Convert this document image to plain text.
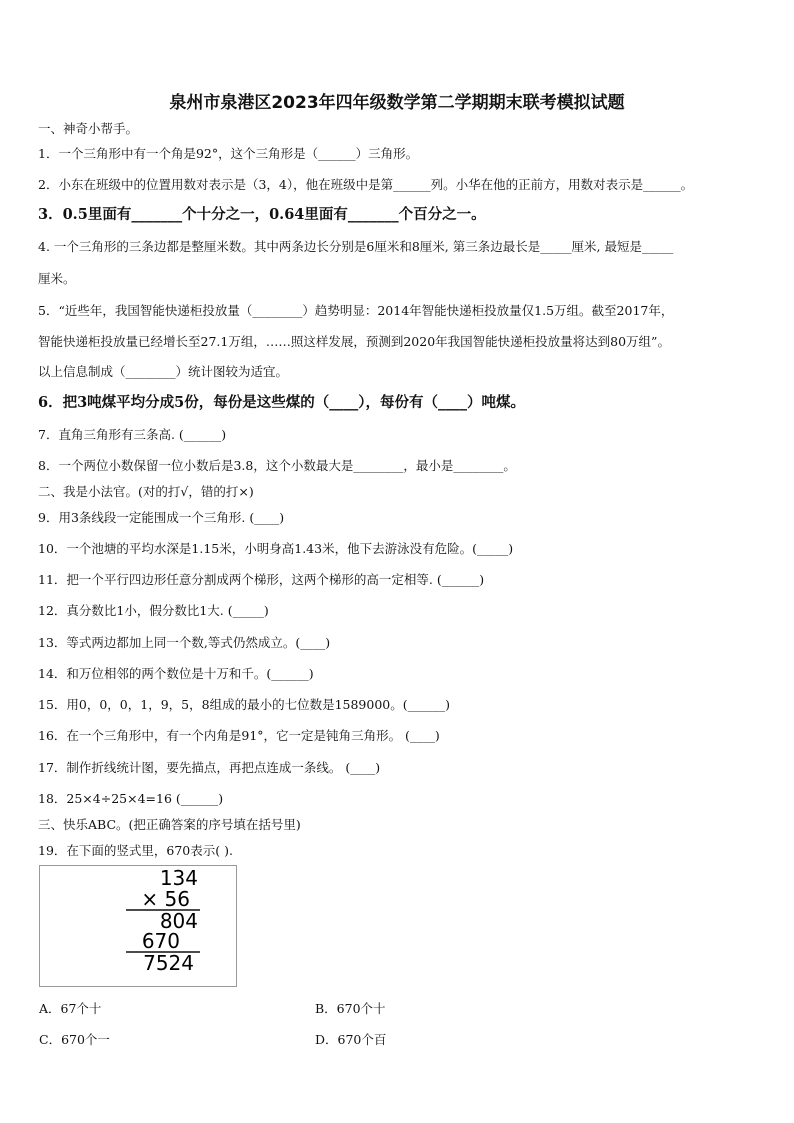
泉州市泉港区2023年四年级数学第二学期期末联考模拟试题
一、神奇小帮手。
1．一个三角形中有一个角是92°，这个三角形是（______）三角形。
2．小东在班级中的位置用数对表示是（3，4），他在班级中是第______列。小华在他的正前方，用数对表示是______。
3．0.5里面有_______个十分之一，0.64里面有_______个百分之一。
4. 一个三角形的三条边都是整厘米数。其中两条边长分别是6厘米和8厘米, 第三条边最长是_____厘米, 最短是_____
厘米。
5．“近些年，我国智能快递柜投放量（________）趋势明显：2014年智能快递柜投放量仅1.5万组。截至2017年，
智能快递柜投放量已经增长至27.1万组，……照这样发展，预测到2020年我国智能快递柜投放量将达到80万组”。
以上信息制成（________）统计图较为适宜。
6．把3吨煤平均分成5份，每份是这些煤的（____），每份有（____）吨煤。
7．直角三角形有三条高. (______)
8．一个两位小数保留一位小数后是3.8，这个小数最大是________，最小是________。
二、我是小法官。(对的打√，错的打×)
9．用3条线段一定能围成一个三角形. (____)
10．一个池塘的平均水深是1.15米，小明身高1.43米，他下去游泳没有危险。(_____)
11．把一个平行四边形任意分割成两个梯形，这两个梯形的高一定相等. (______)
12．真分数比1小，假分数比1大. (_____)
13．等式两边都加上同一个数,等式仍然成立。(____)
14．和万位相邻的两个数位是十万和千。(______)
15．用0，0，0，1，9，5，8组成的最小的七位数是1589000。(______)
16．在一个三角形中，有一个内角是91°，它一定是钝角三角形。 (____)
17．制作折线统计图，要先描点，再把点连成一条线。 (____)
18．25×4÷25×4=16 (______)
三、快乐ABC。(把正确答案的序号填在括号里)
19．在下面的竖式里，670表示( ).
134
× 56
804
670
7524
A．67个十	B．670个十
C．670个一	D．670个百
